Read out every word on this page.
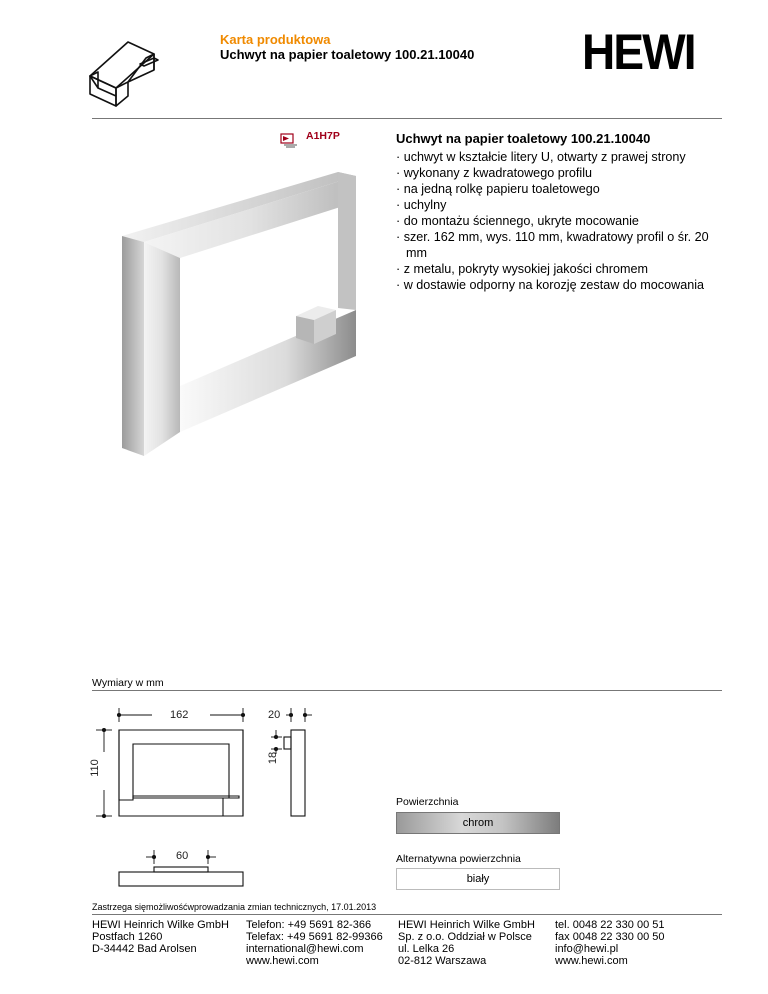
Karta produktowa
Uchwyt na papier toaletowy 100.21.10040 HEWI
A1H7P	Uchwyt na papier toaletowy 100.21.10040
· uchwyt w kształcie litery U, otwarty z prawej strony
· wykonany z kwadratowego profilu
· na jedną rolkę papieru toaletowego
· uchylny
· do montażu ściennego, ukryte mocowanie
· szer. 162 mm, wys. 110 mm, kwadratowy profil o śr. 20 mm
· z metalu, pokryty wysokiej jakości chromem
· w dostawie odporny na korozję zestaw do mocowania
Wymiary w mm
162
110
20
18
60
Powierzchnia
chrom
Alternatywna powierzchnia
biały
Zastrzega sięmożliwośćwprowadzania zmian technicznych, 17.01.2013
HEWI Heinrich Wilke GmbH
Postfach 1260
D-34442 Bad Arolsen
Telefon: +49 5691 82-366
Telefax: +49 5691 82-99366
international@hewi.com
www.hewi.com
HEWI Heinrich Wilke GmbH
Sp. z o.o. Oddział w Polsce
ul. Lelka 26
02-812 Warszawa
tel. 0048 22 330 00 51
fax 0048 22 330 00 50
info@hewi.pl
www.hewi.com
